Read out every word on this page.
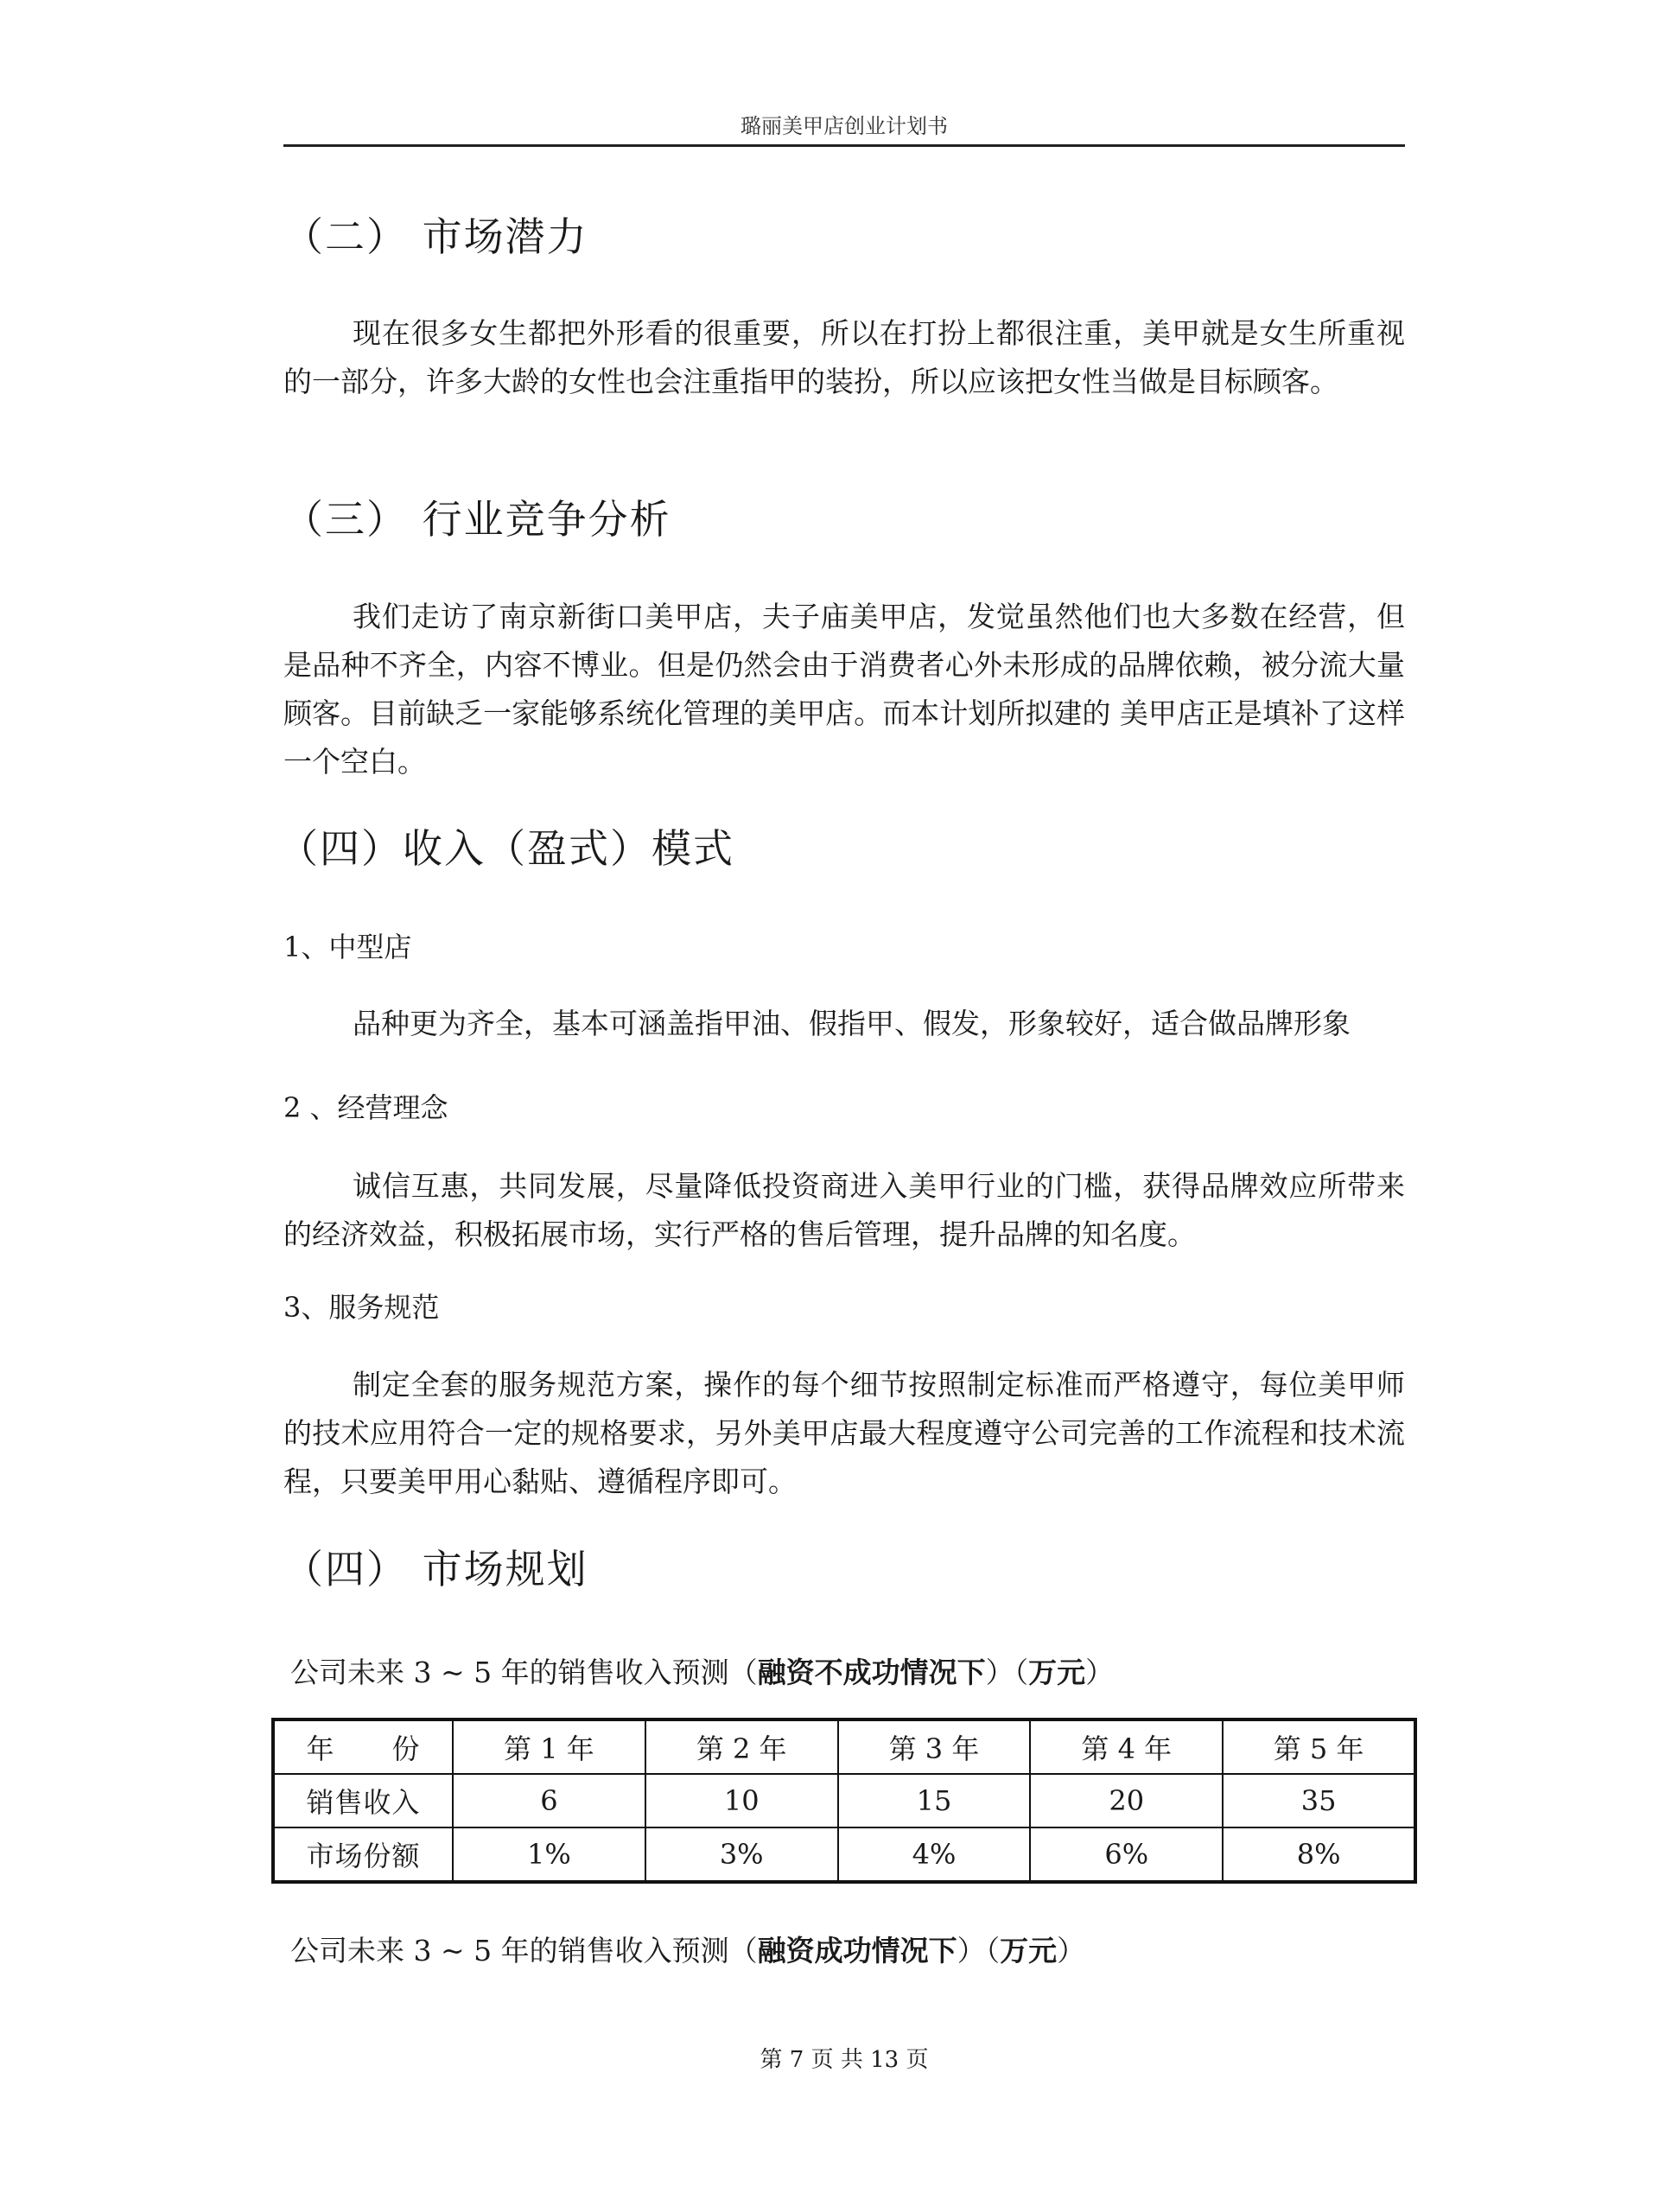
璐丽美甲店创业计划书
（二） 市场潜力
现在很多女生都把外形看的很重要，所以在打扮上都很注重，美甲就是女生所重视的一部分，许多大龄的女性也会注重指甲的装扮，所以应该把女性当做是目标顾客。
（三） 行业竞争分析
我们走访了南京新街口美甲店，夫子庙美甲店，发觉虽然他们也大多数在经营，但是品种不齐全，内容不博业。但是仍然会由于消费者心外未形成的品牌依赖，被分流大量顾客。目前缺乏一家能够系统化管理的美甲店。而本计划所拟建的 美甲店正是填补了这样一个空白。
（四）收入（盈式）模式
1、中型店
品种更为齐全，基本可涵盖指甲油、假指甲、假发，形象较好，适合做品牌形象
2 、经营理念
诚信互惠，共同发展，尽量降低投资商进入美甲行业的门槛，获得品牌效应所带来的经济效益，积极拓展市场，实行严格的售后管理，提升品牌的知名度。
3、服务规范
制定全套的服务规范方案，操作的每个细节按照制定标准而严格遵守，每位美甲师的技术应用符合一定的规格要求，另外美甲店最大程度遵守公司完善的工作流程和技术流程，只要美甲用心黏贴、遵循程序即可。
（四） 市场规划
公司未来 3 ~ 5 年的销售收入预测（融资不成功情况下）（万元）
年　　份	第 1 年	第 2 年	第 3 年	第 4 年	第 5 年
销售收入	6	10	15	20	35
市场份额	1%	3%	4%	6%	8%
公司未来 3 ~ 5 年的销售收入预测（融资成功情况下）（万元）
第 7 页 共 13 页
